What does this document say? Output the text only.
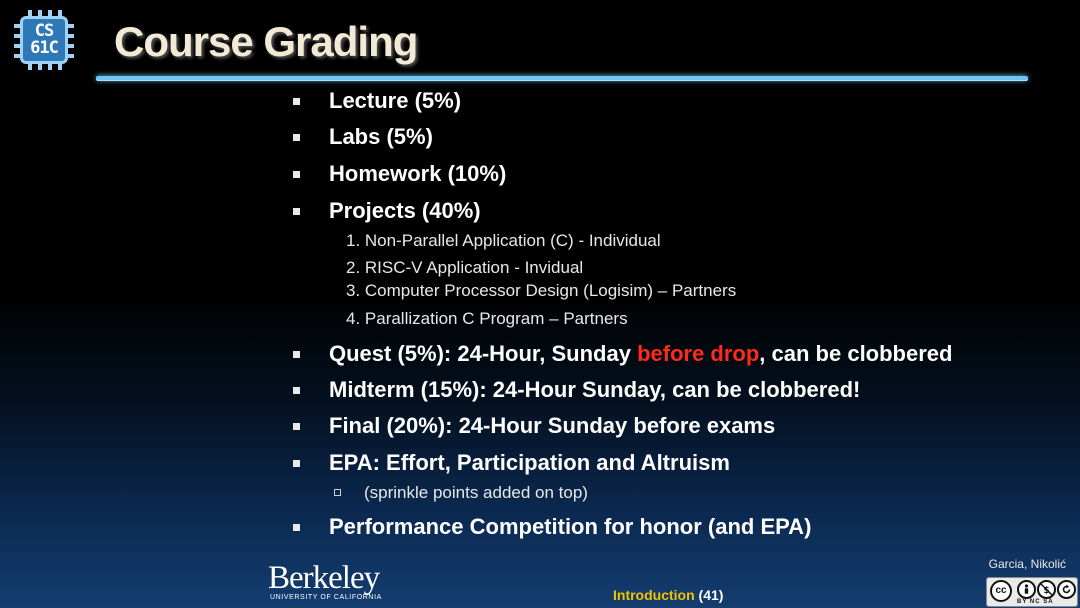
CS
61C Course Grading
Lecture (5%)
Labs (5%)
Homework (10%)
Projects (40%)
1. Non-Parallel Application (C) - Individual
2. RISC-V Application - Invidual
3. Computer Processor Design (Logisim) – Partners
4. Parallization C Program – Partners
Quest (5%): 24-Hour, Sunday before drop, can be clobbered
Midterm (15%): 24-Hour Sunday, can be clobbered!
Final (20%): 24-Hour Sunday before exams
EPA: Effort, Participation and Altruism
(sprinkle points added on top)
Performance Competition for honor (and EPA)
Berkeley
UNIVERSITY OF CALIFORNIA	Introduction (41)
Garcia, Nikolić
cc	$
BY NC SA
